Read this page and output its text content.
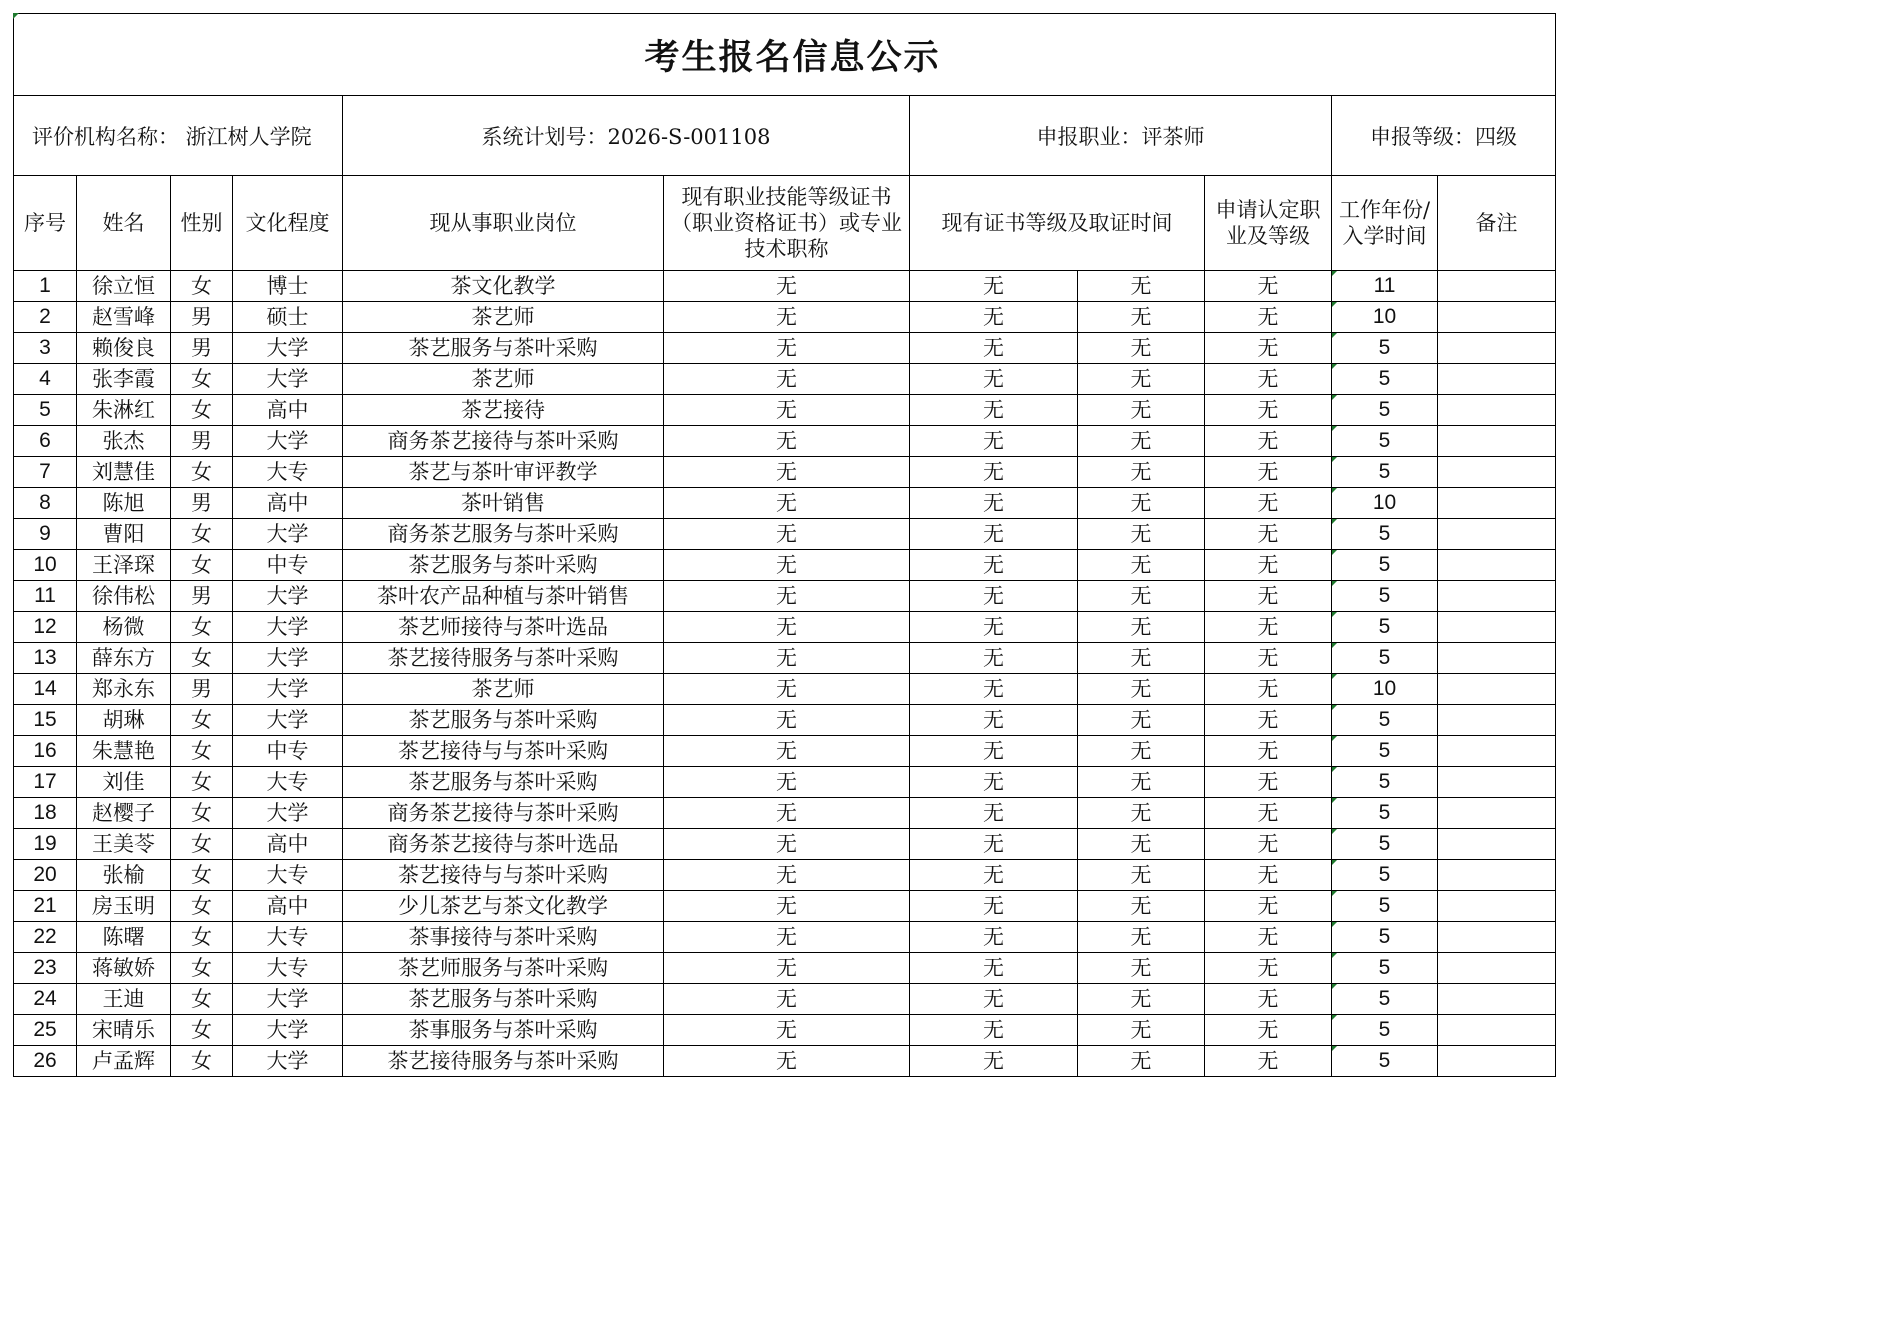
考生报名信息公示										
评价机构名称： 浙江树人学院				系统计划号：2026-S-001108		申报职业：评茶师			申报等级：四级	
序号	姓名	性别	文化程度	现从事职业岗位	现有职业技能等级证书（职业资格证书）或专业技术职称	现有证书等级及取证时间		申请认定职业及等级	工作年份/入学时间	备注
1	徐立恒	女	博士	茶文化教学	无	无	无	无	11	
2	赵雪峰	男	硕士	茶艺师	无	无	无	无	10	
3	赖俊良	男	大学	茶艺服务与茶叶采购	无	无	无	无	5	
4	张李霞	女	大学	茶艺师	无	无	无	无	5	
5	朱淋红	女	高中	茶艺接待	无	无	无	无	5	
6	张杰	男	大学	商务茶艺接待与茶叶采购	无	无	无	无	5	
7	刘慧佳	女	大专	茶艺与茶叶审评教学	无	无	无	无	5	
8	陈旭	男	高中	茶叶销售	无	无	无	无	10	
9	曹阳	女	大学	商务茶艺服务与茶叶采购	无	无	无	无	5	
10	王泽琛	女	中专	茶艺服务与茶叶采购	无	无	无	无	5	
11	徐伟松	男	大学	茶叶农产品种植与茶叶销售	无	无	无	无	5	
12	杨微	女	大学	茶艺师接待与茶叶选品	无	无	无	无	5	
13	薛东方	女	大学	茶艺接待服务与茶叶采购	无	无	无	无	5	
14	郑永东	男	大学	茶艺师	无	无	无	无	10	
15	胡琳	女	大学	茶艺服务与茶叶采购	无	无	无	无	5	
16	朱慧艳	女	中专	茶艺接待与与茶叶采购	无	无	无	无	5	
17	刘佳	女	大专	茶艺服务与茶叶采购	无	无	无	无	5	
18	赵樱子	女	大学	商务茶艺接待与茶叶采购	无	无	无	无	5	
19	王美苓	女	高中	商务茶艺接待与茶叶选品	无	无	无	无	5	
20	张榆	女	大专	茶艺接待与与茶叶采购	无	无	无	无	5	
21	房玉明	女	高中	少儿茶艺与茶文化教学	无	无	无	无	5	
22	陈曙	女	大专	茶事接待与茶叶采购	无	无	无	无	5	
23	蒋敏娇	女	大专	茶艺师服务与茶叶采购	无	无	无	无	5	
24	王迪	女	大学	茶艺服务与茶叶采购	无	无	无	无	5	
25	宋晴乐	女	大学	茶事服务与茶叶采购	无	无	无	无	5	
26	卢孟辉	女	大学	茶艺接待服务与茶叶采购	无	无	无	无	5	
